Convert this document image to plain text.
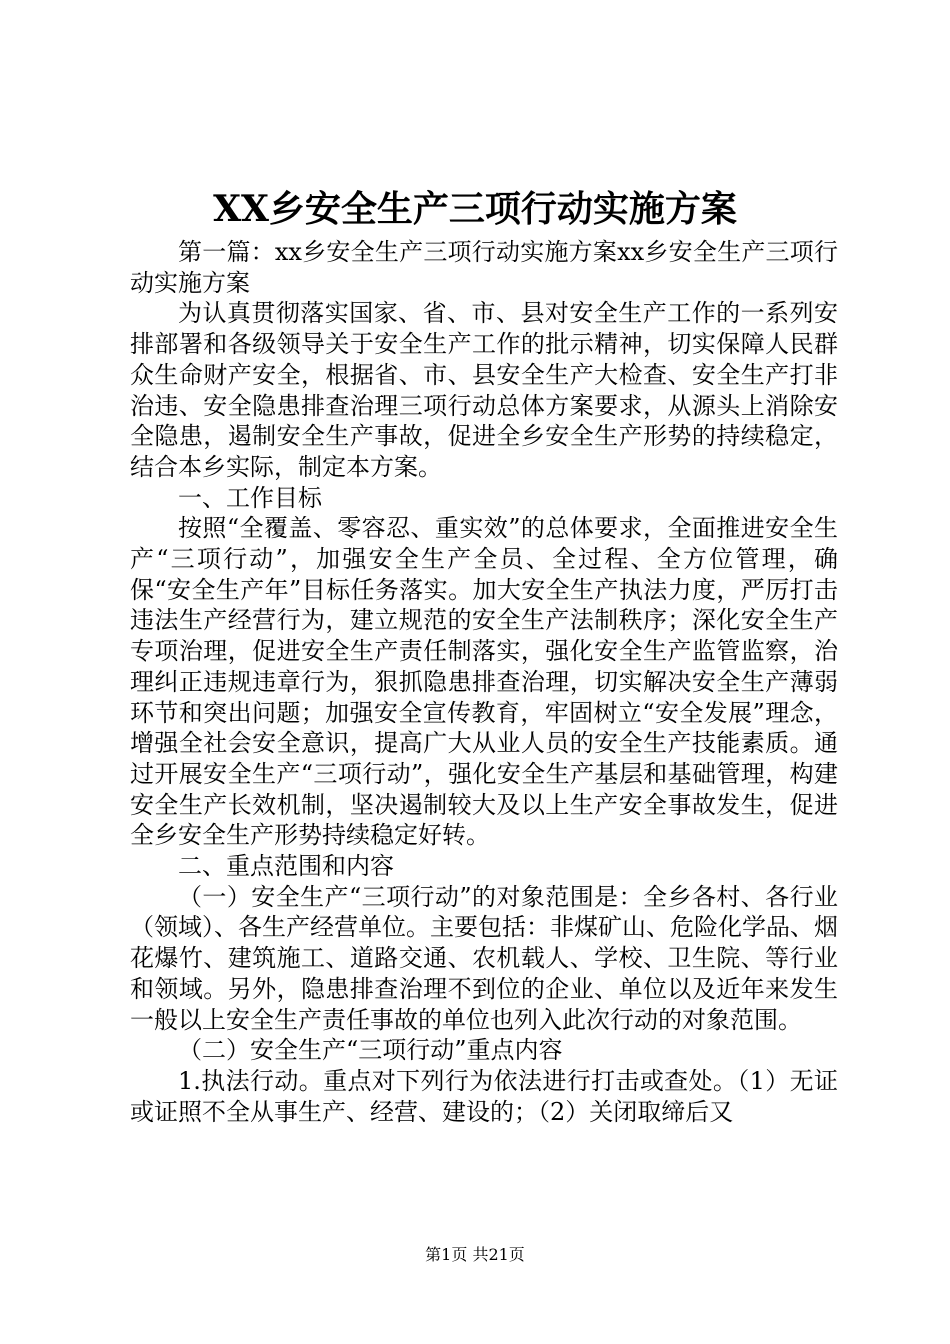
XX乡安全生产三项行动实施方案

第一篇：xx乡安全生产三项行动实施方案xx乡安全生产三项行动实施方案

为认真贯彻落实国家、省、市、县对安全生产工作的一系列安排部署和各级领导关于安全生产工作的批示精神，切实保障人民群众生命财产安全，根据省、市、县安全生产大检查、安全生产打非治违、安全隐患排查治理三项行动总体方案要求，从源头上消除安全隐患，遏制安全生产事故，促进全乡安全生产形势的持续稳定，结合本乡实际，制定本方案。

一、工作目标

按照“全覆盖、零容忍、重实效”的总体要求，全面推进安全生产“三项行动”，加强安全生产全员、全过程、全方位管理，确保“安全生产年”目标任务落实。加大安全生产执法力度，严厉打击违法生产经营行为，建立规范的安全生产法制秩序；深化安全生产专项治理，促进安全生产责任制落实，强化安全生产监管监察，治理纠正违规违章行为，狠抓隐患排查治理，切实解决安全生产薄弱环节和突出问题；加强安全宣传教育，牢固树立“安全发展”理念，增强全社会安全意识，提高广大从业人员的安全生产技能素质。通过开展安全生产“三项行动”，强化安全生产基层和基础管理，构建安全生产长效机制，坚决遏制较大及以上生产安全事故发生，促进全乡安全生产形势持续稳定好转。

二、重点范围和内容

（一）安全生产“三项行动”的对象范围是：全乡各村、各行业（领域）、各生产经营单位。主要包括：非煤矿山、危险化学品、烟花爆竹、建筑施工、道路交通、农机载人、学校、卫生院、等行业和领域。另外，隐患排查治理不到位的企业、单位以及近年来发生一般以上安全生产责任事故的单位也列入此次行动的对象范围。

（二）安全生产“三项行动”重点内容

1.执法行动。重点对下列行为依法进行打击或查处。（1）无证或证照不全从事生产、经营、建设的；（2）关闭取缔后又

第1页 共21页
